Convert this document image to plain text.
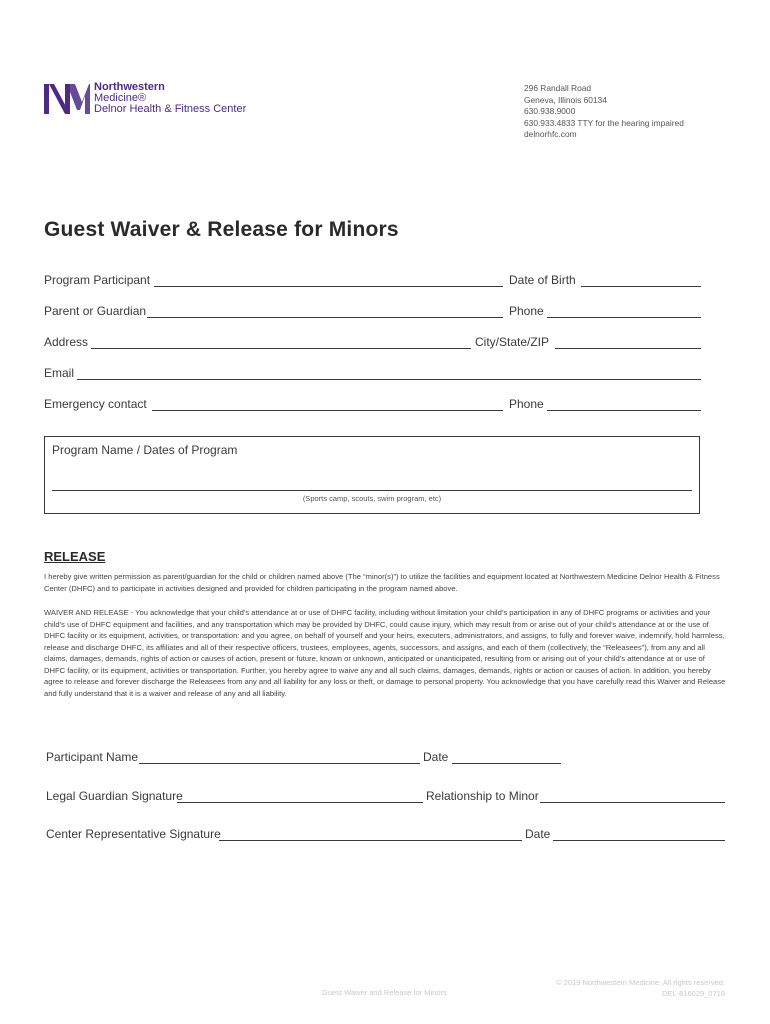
Northwestern
Medicine®
Delnor Health & Fitness Center
296 Randall Road
Geneva, Illinois 60134
630.938.9000
630.933.4833 TTY for the hearing impaired
delnorhfc.com
Guest Waiver & Release for Minors
Program Participant	Date of Birth
Parent or Guardian	Phone
Address	City/State/ZIP
Email
Emergency contact	Phone
Program Name / Dates of Program
(Sports camp, scouts, swim program, etc)
RELEASE
I hereby give written permission as parent/guardian for the child or children named above (The “minor(s)”) to utilize the facilities and equipment located at Northwestern Medicine Delnor Health & Fitness Center (DHFC) and to participate in activities designed and provided for children participating in the program named above.
WAIVER AND RELEASE - You acknowledge that your child’s attendance at or use of DHFC facility, including without limitation your child’s participation in any of DHFC programs or activities and your child’s use of DHFC equipment and facilities, and any transportation which may be provided by DHFC, could cause injury, which may result from or arise out of your child’s attendance at or the use of DHFC facility or its equipment, activities, or transportation: and you agree, on behalf of yourself and your heirs, executers, administrators, and assigns, to fully and forever waive, indemnify, hold harmless, release and discharge DHFC, its affiliates and all of their respective officers, trustees, employees, agents, successors, and assigns, and each of them (collectively, the “Releasees”), from any and all claims, damages, demands, rights of action or causes of action, present or future, known or unknown, anticipated or unanticipated, resulting from or arising out of your child’s attendance at or use of DHFC facility, or its equipment, activities or transportation. Further, you hereby agree to waive any and all such claims, damages, demands, rights or action or causes of action. In addition, you hereby agree to release and forever discharge the Releasees from any and all liability for any loss or theft, or damage to personal property. You acknowledge that you have carefully read this Waiver and Release and fully understand that it is a waiver and release of any and all liability.
Participant Name	Date
Legal Guardian Signature	Relationship to Minor
Center Representative Signature	Date
Guest Waiver and Release for Minors
© 2019 Northwestern Medicine. All rights reserved.
DEL-816029_0719
